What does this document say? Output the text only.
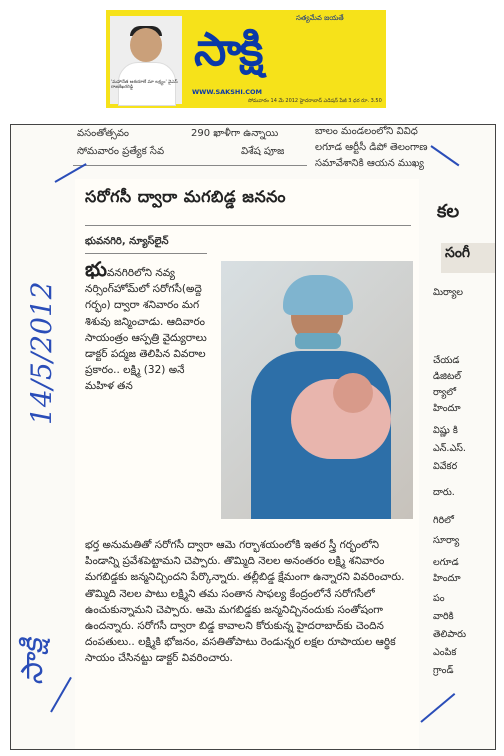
'మహానేత ఆశయాలే మా లక్ష్యం' వైఎస్ రాజశేఖరరెడ్డి
సత్యమేవ జయతే
సాక్షి
WWW.SAKSHI.COM
సోమవారం 14 మే 2012 హైదరాబాద్ ఎడిషన్ పేజీ 3 ధర రూ. 3.50
వసంతోత్సవం	290 ఖాళీగా ఉన్నాయి
సోమవారం ప్రత్యేక సేవ	విశేష పూజ
బాలం మండలంలోని వివిధ
లగూడ ఆర్టీసీ డిపో తెలంగాణ
సమావేశానికి ఆయన ముఖ్య
సరోగసీ ద్వారా మగబిడ్డ జననం
భువనగిరి, న్యూస్‌లైన్
భువనగిరిలోని నవ్య నర్సింగ్‌హోమ్‌లో సరోగసీ(అద్దె గర్భం) ద్వారా శనివారం మగ శిశువు జన్మించాడు. ఆదివారం సాయంత్రం ఆస్పత్రి వైద్యురాలు డాక్టర్ పద్మజ తెలిపిన వివరాల ప్రకారం.. లక్ష్మి (32) అనే మహిళ తన
భర్త అనుమతితో సరోగసీ ద్వారా ఆమె గర్భాశయంలోకి ఇతర స్త్రీ గర్భంలోని పిండాన్ని ప్రవేశపెట్టామని చెప్పారు. తొమ్మిది నెలల అనంతరం లక్ష్మి శనివారం మగబిడ్డకు జన్మనిచ్చిందని పేర్కొన్నారు. తల్లీబిడ్డ క్షేమంగా ఉన్నారని వివరించారు. తొమ్మిది నెలల పాటు లక్ష్మిని తమ సంతాన సాఫల్య కేంద్రంలోనే సరోగసీలో ఉంచుకున్నామని చెప్పారు. ఆమె మగబిడ్డకు జన్మనిచ్చినందుకు సంతోషంగా ఉందన్నారు. సరోగసీ ద్వారా బిడ్డ కావాలని కోరుకున్న హైదరాబాద్‌కు చెందిన దంపతులు.. లక్ష్మికి భోజనం, వసతితోపాటు రెండున్నర లక్షల రూపాయల ఆర్థిక సాయం చేసినట్టు డాక్టర్ వివరించారు.
కల
సంగీ
మిర్యాల
చేయడ
డిజిటల్
ర్యాలో
హిందూ
విష్ణు కి
ఎన్.ఎస్.
వివేకర
దారు.
గిరిలో
సూర్యా
లగూడ
హిందూ
పం
వారికి
తెలిపారు
ఎంపిక
గ్రాండ్
14/5/2012
సాక్షి
